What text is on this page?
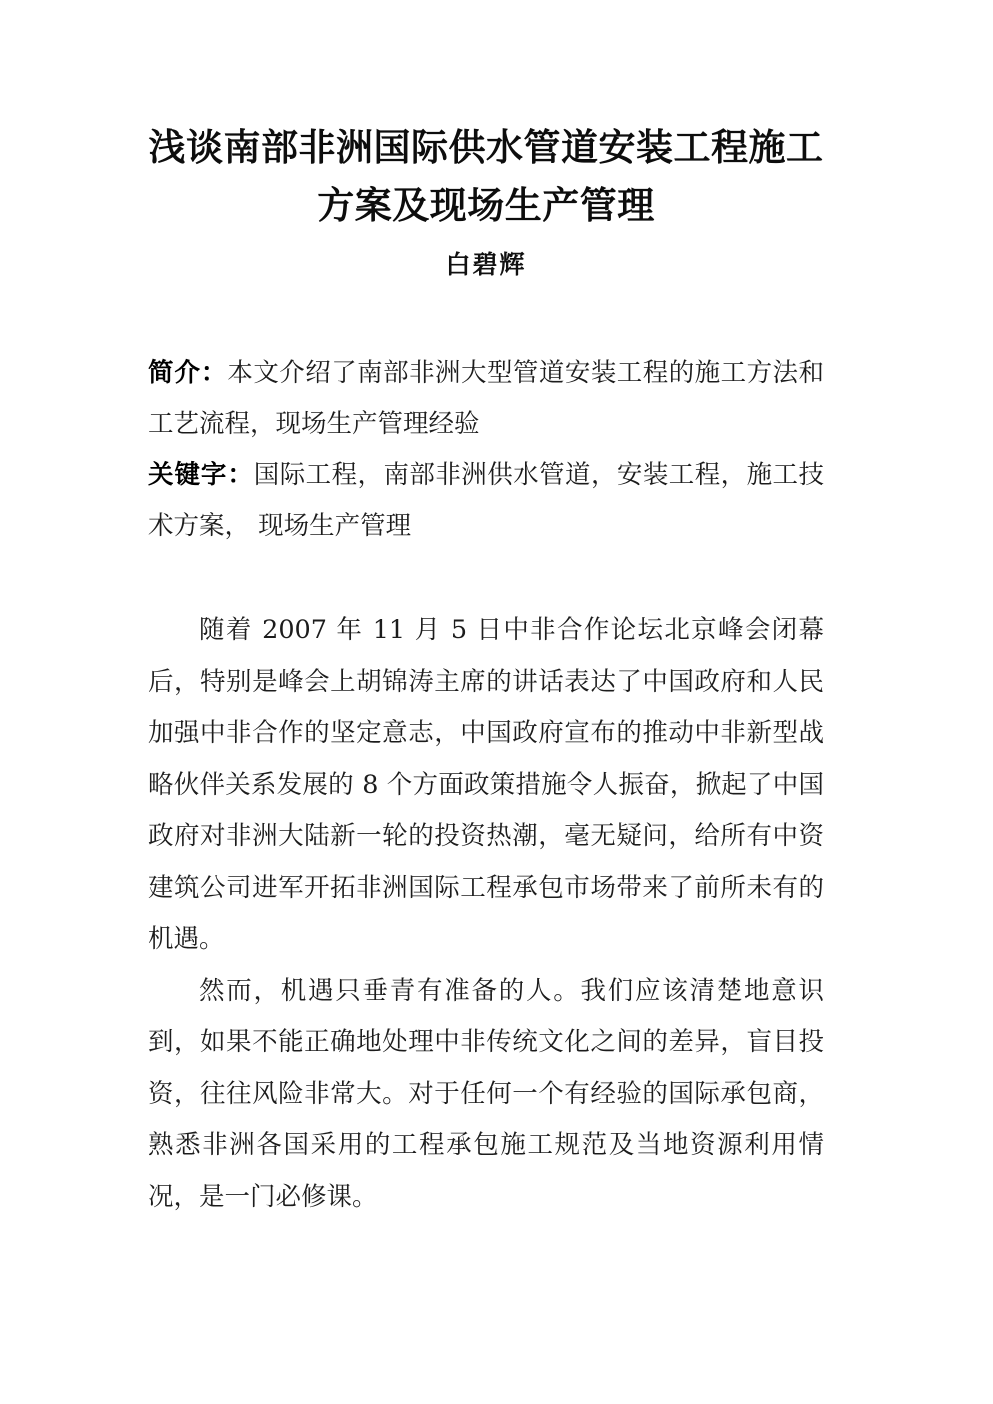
浅谈南部非洲国际供水管道安装工程施工
方案及现场生产管理
白碧辉
简介：本文介绍了南部非洲大型管道安装工程的施工方法和工艺流程，现场生产管理经验
关键字：国际工程，南部非洲供水管道，安装工程，施工技术方案， 现场生产管理

随着 2007 年 11 月 5 日中非合作论坛北京峰会闭幕后，特别是峰会上胡锦涛主席的讲话表达了中国政府和人民加强中非合作的坚定意志，中国政府宣布的推动中非新型战略伙伴关系发展的 8 个方面政策措施令人振奋，掀起了中国政府对非洲大陆新一轮的投资热潮，毫无疑问，给所有中资建筑公司进军开拓非洲国际工程承包市场带来了前所未有的机遇。

然而，机遇只垂青有准备的人。我们应该清楚地意识到，如果不能正确地处理中非传统文化之间的差异，盲目投资，往往风险非常大。对于任何一个有经验的国际承包商，熟悉非洲各国采用的工程承包施工规范及当地资源利用情况，是一门必修课。
